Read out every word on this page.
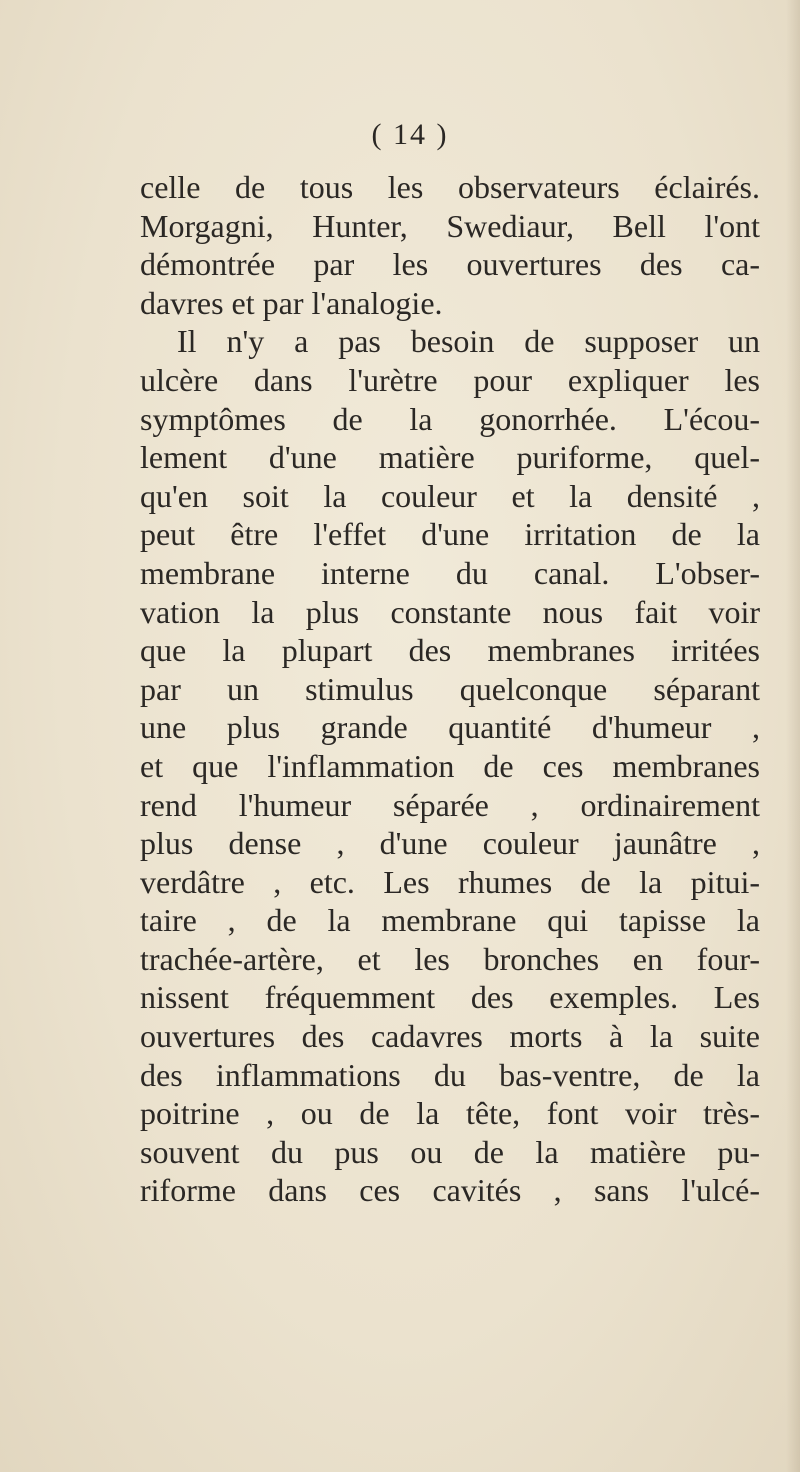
( 14 )
celle de tous les observateurs éclairés.
Morgagni, Hunter, Swediaur, Bell l'ont
démontrée par les ouvertures des ca-
davres et par l'analogie.
Il n'y a pas besoin de supposer un
ulcère dans l'urètre pour expliquer les
symptômes de la gonorrhée. L'écou-
lement d'une matière puriforme, quel-
qu'en soit la couleur et la densité ,
peut être l'effet d'une irritation de la
membrane interne du canal. L'obser-
vation la plus constante nous fait voir
que la plupart des membranes irritées
par un stimulus quelconque séparant
une plus grande quantité d'humeur ,
et que l'inflammation de ces membranes
rend l'humeur séparée , ordinairement
plus dense , d'une couleur jaunâtre ,
verdâtre , etc. Les rhumes de la pitui-
taire , de la membrane qui tapisse la
trachée-artère, et les bronches en four-
nissent fréquemment des exemples. Les
ouvertures des cadavres morts à la suite
des inflammations du bas-ventre, de la
poitrine , ou de la tête, font voir très-
souvent du pus ou de la matière pu-
riforme dans ces cavités , sans l'ulcé-
